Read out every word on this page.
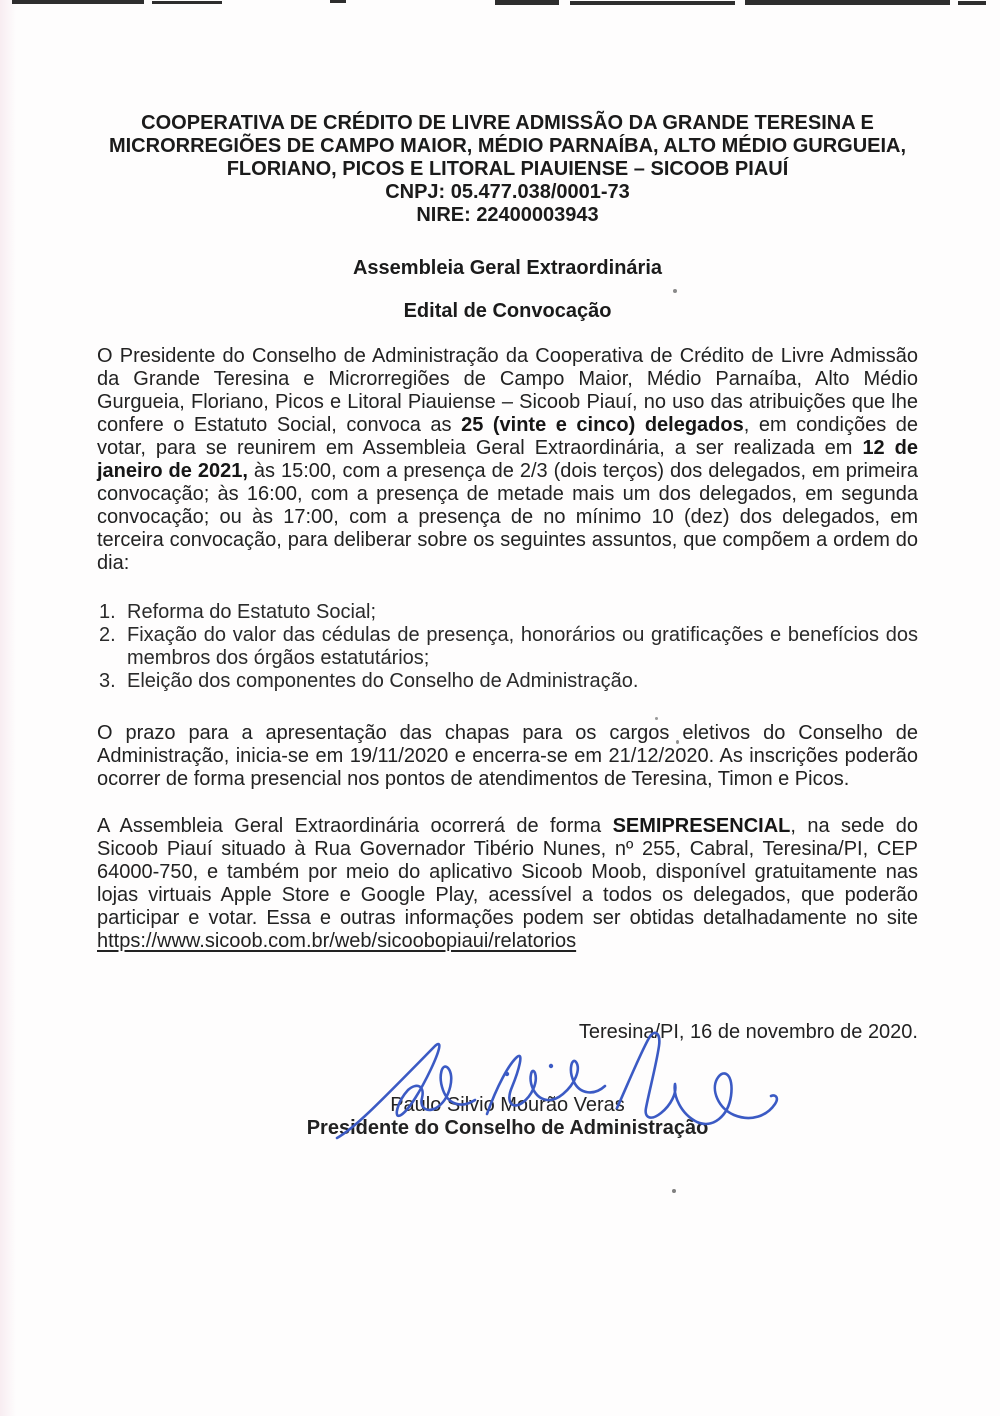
COOPERATIVA DE CRÉDITO DE LIVRE ADMISSÃO DA GRANDE TERESINA E
MICRORREGIÕES DE CAMPO MAIOR, MÉDIO PARNAÍBA, ALTO MÉDIO GURGUEIA,
FLORIANO, PICOS E LITORAL PIAUIENSE – SICOOB PIAUÍ
CNPJ: 05.477.038/0001-73
NIRE: 22400003943
Assembleia Geral Extraordinária
Edital de Convocação

O Presidente do Conselho de Administração da Cooperativa de Crédito de Livre Admissão da Grande Teresina e Microrregiões de Campo Maior, Médio Parnaíba, Alto Médio Gurgueia, Floriano, Picos e Litoral Piauiense – Sicoob Piauí, no uso das atribuições que lhe confere o Estatuto Social, convoca as 25 (vinte e cinco) delegados, em condições de votar, para se reunirem em Assembleia Geral Extraordinária, a ser realizada em 12 de janeiro de 2021, às 15:00, com a presença de 2/3 (dois terços) dos delegados, em primeira convocação; às 16:00, com a presença de metade mais um dos delegados, em segunda convocação; ou às 17:00, com a presença de no mínimo 10 (dez) dos delegados, em terceira convocação, para deliberar sobre os seguintes assuntos, que compõem a ordem do dia:

Reforma do Estatuto Social;
Fixação do valor das cédulas de presença, honorários ou gratificações e benefícios dos membros dos órgãos estatutários;
Eleição dos componentes do Conselho de Administração.

O prazo para a apresentação das chapas para os cargos eletivos do Conselho de Administração, inicia-se em 19/11/2020 e encerra-se em 21/12/2020. As inscrições poderão ocorrer de forma presencial nos pontos de atendimentos de Teresina, Timon e Picos.

A Assembleia Geral Extraordinária ocorrerá de forma SEMIPRESENCIAL, na sede do Sicoob Piauí situado à Rua Governador Tibério Nunes, nº 255, Cabral, Teresina/PI, CEP 64000-750, e também por meio do aplicativo Sicoob Moob, disponível gratuitamente nas lojas virtuais Apple Store e Google Play, acessível a todos os delegados, que poderão participar e votar. Essa e outras informações podem ser obtidas detalhadamente no site https://www.sicoob.com.br/web/sicoobopiaui/relatorios

Teresina/PI, 16 de novembro de 2020.
Paulo Silvio Mourão Veras
Presidente do Conselho de Administração
